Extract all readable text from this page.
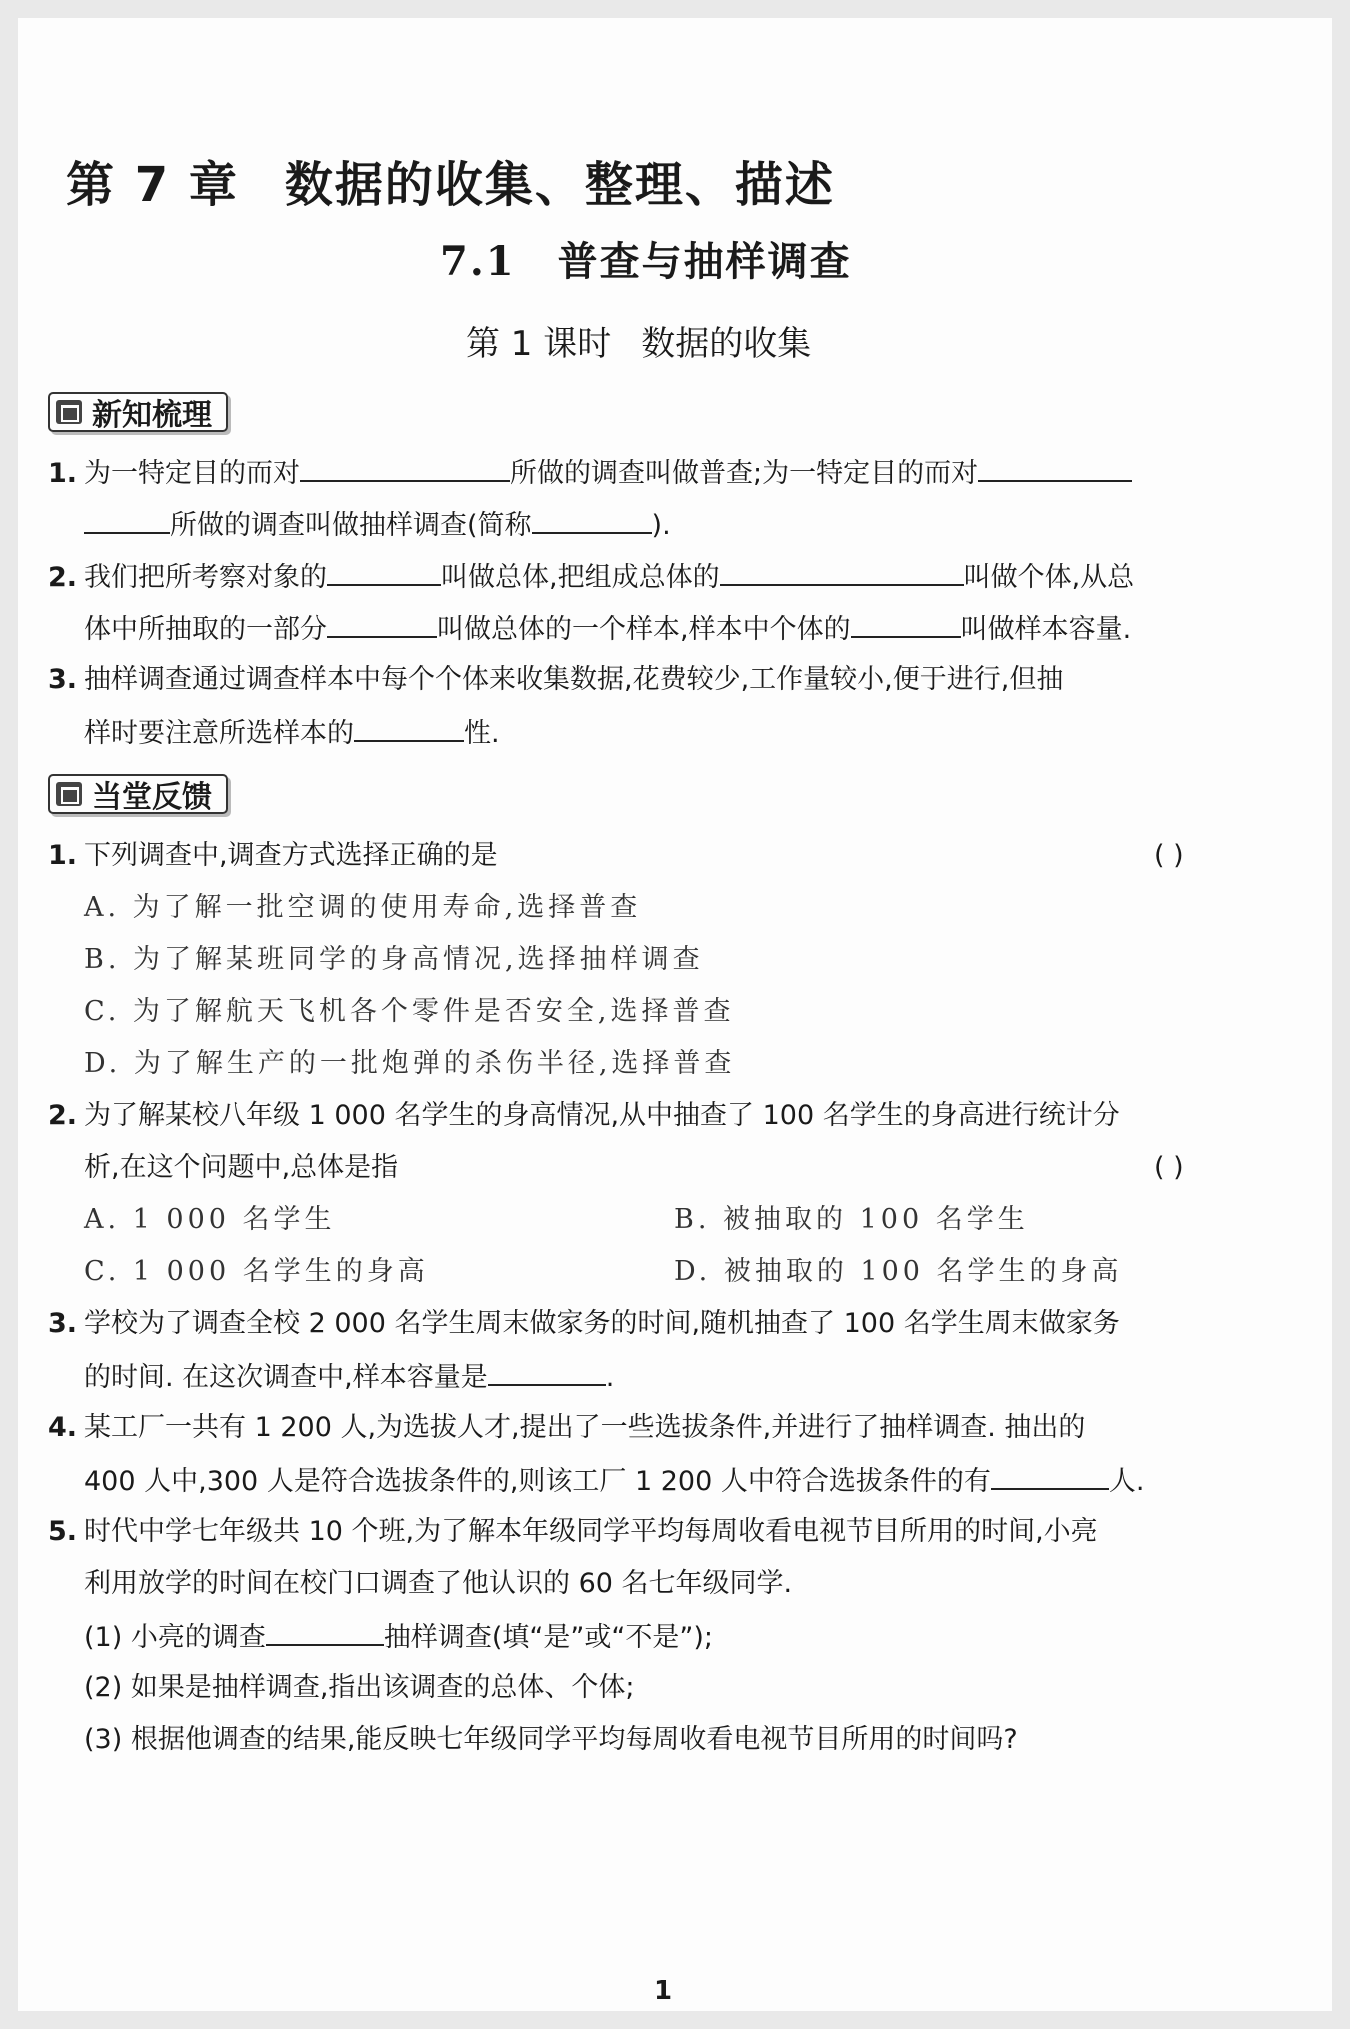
第 7 章 数据的收集、整理、描述
7.1 普查与抽样调查
第 1 课时 数据的收集
新知梳理
1. 为一特定目的而对	所做的调查叫做普查;为一特定目的而对
所做的调查叫做抽样调查(简称	).
2. 我们把所考察对象的	叫做总体,把组成总体的	叫做个体,从总
体中所抽取的一部分	叫做总体的一个样本,样本中个体的	叫做样本容量.
3. 抽样调查通过调查样本中每个个体来收集数据,花费较少,工作量较小,便于进行,但抽
样时要注意所选样本的	性.
当堂反馈
1. 下列调查中,调查方式选择正确的是	( )
A. 为了解一批空调的使用寿命,选择普查
B. 为了解某班同学的身高情况,选择抽样调查
C. 为了解航天飞机各个零件是否安全,选择普查
D. 为了解生产的一批炮弹的杀伤半径,选择普查
2. 为了解某校八年级 1 000 名学生的身高情况,从中抽查了 100 名学生的身高进行统计分
析,在这个问题中,总体是指	( )
A. 1 000 名学生	B. 被抽取的 100 名学生
C. 1 000 名学生的身高	D. 被抽取的 100 名学生的身高
3. 学校为了调查全校 2 000 名学生周末做家务的时间,随机抽查了 100 名学生周末做家务
的时间. 在这次调查中,样本容量是	.
4. 某工厂一共有 1 200 人,为选拔人才,提出了一些选拔条件,并进行了抽样调查. 抽出的
400 人中,300 人是符合选拔条件的,则该工厂 1 200 人中符合选拔条件的有	人.
5. 时代中学七年级共 10 个班,为了解本年级同学平均每周收看电视节目所用的时间,小亮
利用放学的时间在校门口调查了他认识的 60 名七年级同学.
(1) 小亮的调查	抽样调查(填“是”或“不是”);
(2) 如果是抽样调查,指出该调查的总体、个体;
(3) 根据他调查的结果,能反映七年级同学平均每周收看电视节目所用的时间吗?
1
